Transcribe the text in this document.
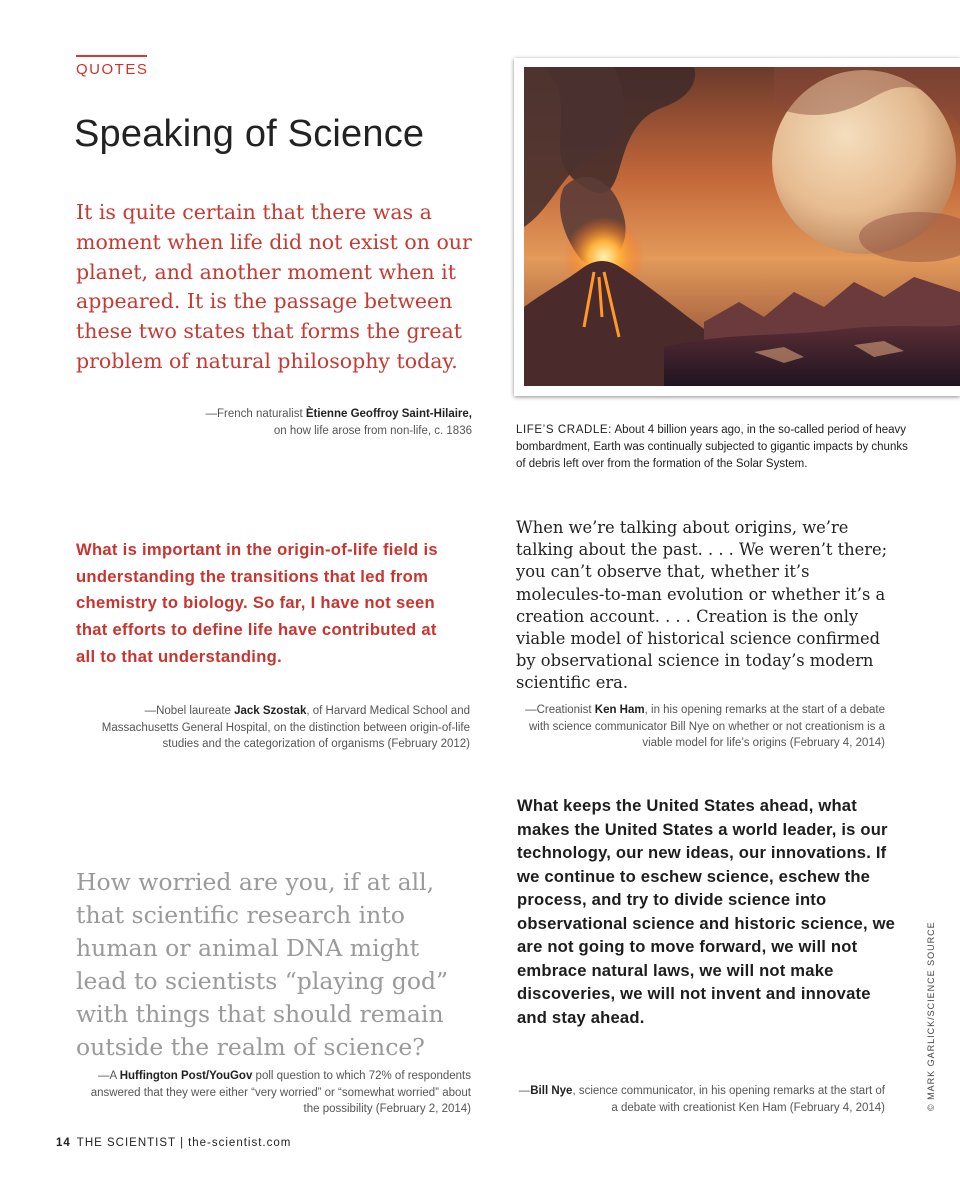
QUOTES
Speaking of Science
It is quite certain that there was a moment when life did not exist on our planet, and another moment when it appeared. It is the passage between these two states that forms the great problem of natural philosophy today.
—French naturalist Ètienne Geoffroy Saint-Hilaire,
on how life arose from non-life, c. 1836	LIFE’S CRADLE: About 4 billion years ago, in the so-called period of heavy bombardment, Earth was continually subjected to gigantic impacts by chunks of debris left over from the formation of the Solar System.
What is important in the origin-of-life field is understanding the transitions that led from chemistry to biology. So far, I have not seen that efforts to define life have contributed at all to that understanding.
—Nobel laureate Jack Szostak, of Harvard Medical School and Massachusetts General Hospital, on the distinction between origin-of-life studies and the categorization of organisms (February 2012)
When we’re talking about origins, we’re talking about the past. . . . We weren’t there; you can’t observe that, whether it’s molecules-to-man evolution or whether it’s a creation account. . . . Creation is the only viable model of historical science confirmed by observational science in today’s modern scientific era.
—Creationist Ken Ham, in his opening remarks at the start of a debate with science communicator Bill Nye on whether or not creationism is a viable model for life’s origins (February 4, 2014)
How worried are you, if at all, that scientific research into human or animal DNA might lead to scientists “playing god” with things that should remain outside the realm of science?
—A Huffington Post/YouGov poll question to which 72% of respondents answered that they were either “very worried” or “somewhat worried” about the possibility (February 2, 2014)
What keeps the United States ahead, what makes the United States a world leader, is our technology, our new ideas, our innovations. If we continue to eschew science, eschew the process, and try to divide science into observational science and historic science, we are not going to move forward, we will not embrace natural laws, we will not make discoveries, we will not invent and innovate and stay ahead.
—Bill Nye, science communicator, in his opening remarks at the start of a debate with creationist Ken Ham (February 4, 2014)	© MARK GARLICK/SCIENCE SOURCE
14 THE SCIENTIST | the-scientist.com
